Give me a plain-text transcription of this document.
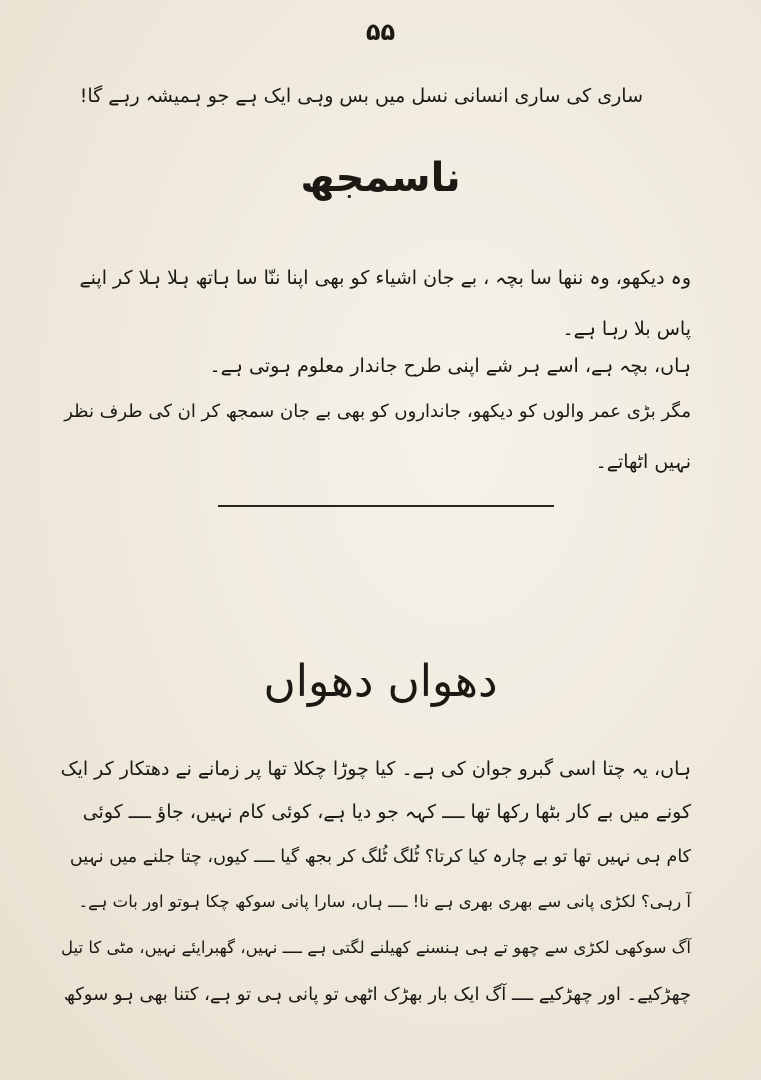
۵۵
ساری کی ساری انسانی نسل میں بس وہی ایک ہے جو ہمیشہ رہے گا!
ناسمجھ
وہ دیکھو، وہ ننھا سا بچہ ، بے جان اشیاء کو بھی اپنا ننّا سا ہاتھ ہلا ہلا کر اپنے
پاس بلا رہا ہے۔
ہاں، بچہ ہے، اسے ہر شے اپنی طرح جاندار معلوم ہوتی ہے۔
مگر بڑی عمر والوں کو دیکھو، جانداروں کو بھی بے جان سمجھ کر ان کی طرف نظر
نہیں اٹھاتے۔
دھواں دھواں
ہاں، یہ چتا اسی گبرو جوان کی ہے۔ کیا چوڑا چکلا تھا پر زمانے نے دھتکار کر ایک
کونے میں بے کار بٹھا رکھا تھا ــــ کہہ جو دیا ہے، کوئی کام نہیں، جاؤ ــــ کوئی
کام ہی نہیں تھا تو بے چارہ کیا کرتا؟ ٹُلگ ٹُلگ کر بجھ گیا ــــ کیوں، چتا جلنے میں نہیں
آ رہی؟ لکڑی پانی سے بھری بھری ہے نا! ــــ ہاں، سارا پانی سوکھ چکا ہوتو اور بات ہے۔
آگ سوکھی لکڑی سے چھو تے ہی ہنسنے کھیلنے لگتی ہے ــــ نہیں، گھبرایئے نہیں، مٹی کا تیل
چھڑکیے۔ اور چھڑکیے ــــ آگ ایک بار بھڑک اٹھی تو پانی ہی تو ہے، کتنا بھی ہو سوکھ
